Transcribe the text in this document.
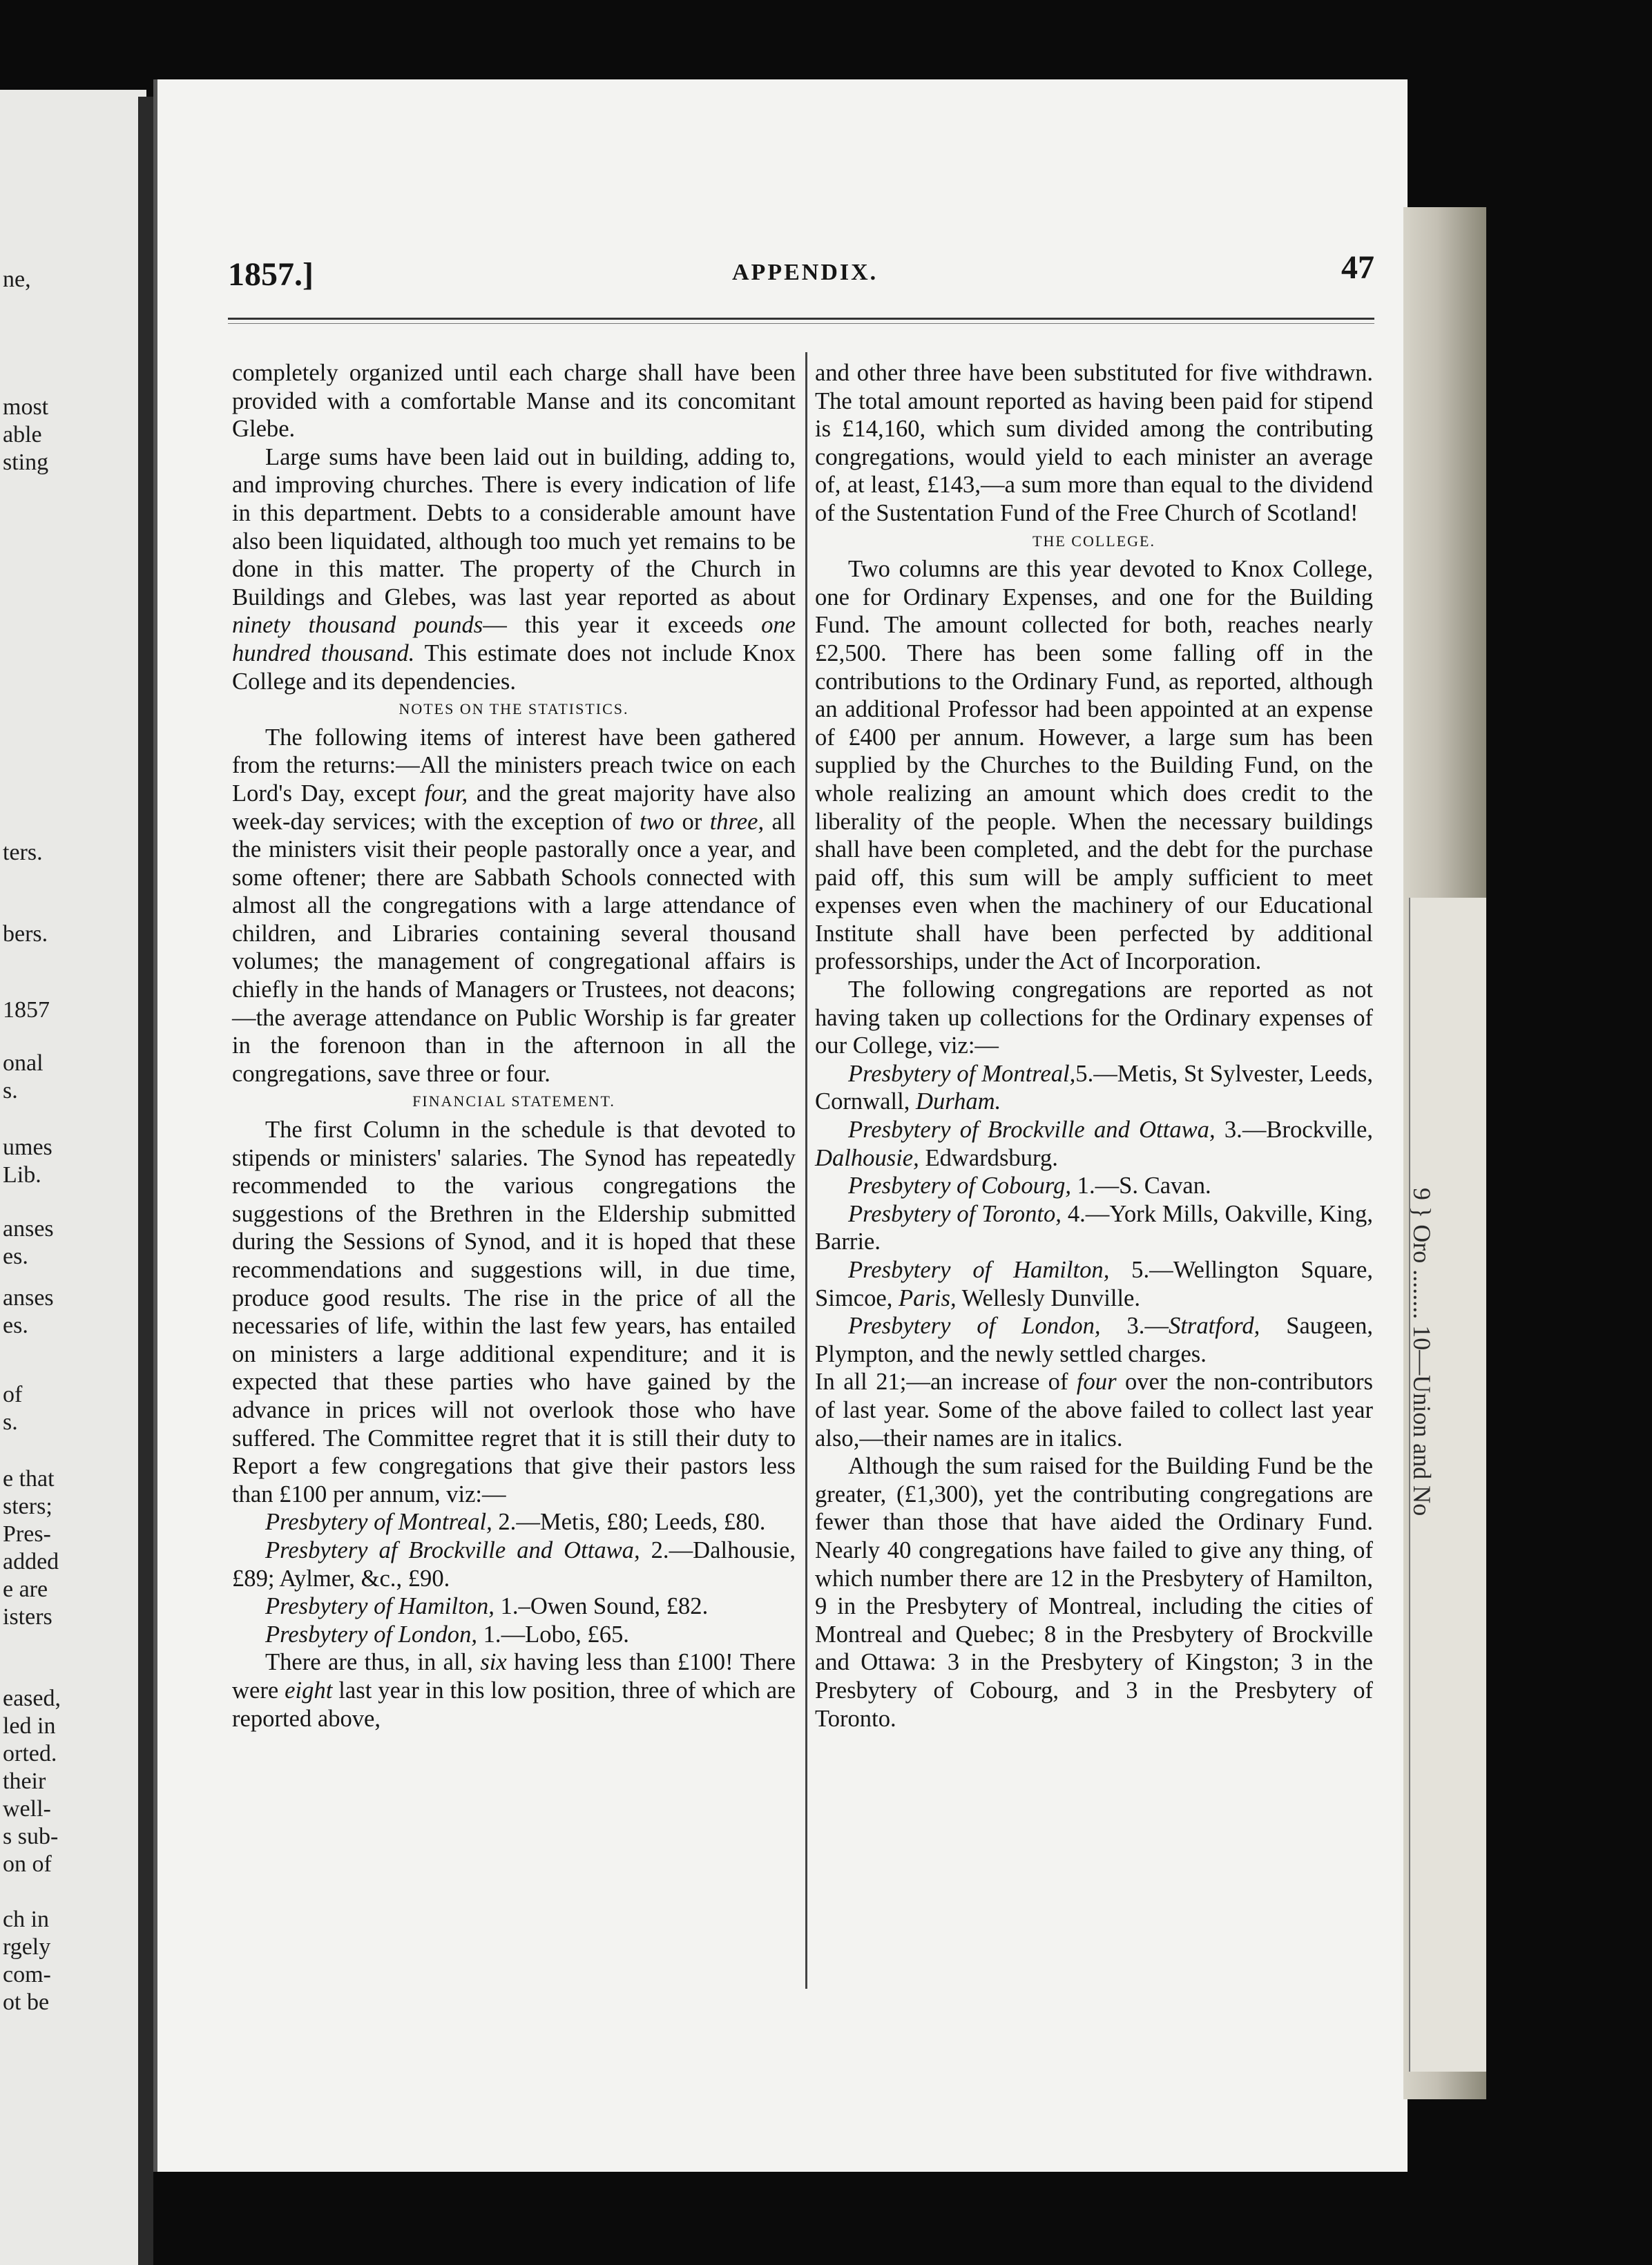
ne,
most
able
sting
ters.
bers.
1857
onal
s.
umes
Lib.
anses
es.
anses
es.
of
s.
e that
sters;
Pres-
added
e are
isters
eased,
led in
orted.
their
well-
s sub-
on of
ch in
rgely
com-
ot be
9 } Oro ........ 10—Union and No
1857.]	APPENDIX.	47

completely organized until each charge shall have been provided with a comfortable Manse and its concomitant Glebe.

Large sums have been laid out in building, adding to, and improving churches. There is every indication of life in this department. Debts to a considerable amount have also been liquidated, although too much yet remains to be done in this matter. The property of the Church in Buildings and Glebes, was last year reported as about ninety thousand pounds— this year it exceeds one hundred thousand. This estimate does not include Knox College and its dependencies.

NOTES ON THE STATISTICS.

The following items of interest have been gathered from the returns:—All the ministers preach twice on each Lord's Day, except four, and the great majority have also week-day services; with the exception of two or three, all the ministers visit their people pastorally once a year, and some oftener; there are Sabbath Schools connected with almost all the congregations with a large attendance of children, and Libraries containing several thousand volumes; the management of congregational affairs is chiefly in the hands of Managers or Trustees, not deacons;—the average attendance on Public Worship is far greater in the forenoon than in the afternoon in all the congregations, save three or four.

FINANCIAL STATEMENT.

The first Column in the schedule is that devoted to stipends or ministers' salaries. The Synod has repeatedly recommended to the various congregations the suggestions of the Brethren in the Eldership submitted during the Sessions of Synod, and it is hoped that these recommendations and suggestions will, in due time, produce good results. The rise in the price of all the necessaries of life, within the last few years, has entailed on ministers a large additional expenditure; and it is expected that these parties who have gained by the advance in prices will not overlook those who have suffered. The Committee regret that it is still their duty to Report a few congregations that give their pastors less than £100 per annum, viz:—

Presbytery of Montreal, 2.—Metis, £80; Leeds, £80.

Presbytery af Brockville and Ottawa, 2.—Dalhousie, £89; Aylmer, &c., £90.

Presbytery of Hamilton, 1.–Owen Sound, £82.

Presbytery of London, 1.—Lobo, £65.

There are thus, in all, six having less than £100! There were eight last year in this low position, three of which are reported above,

and other three have been substituted for five withdrawn. The total amount reported as having been paid for stipend is £14,160, which sum divided among the contributing congregations, would yield to each minister an average of, at least, £143,—a sum more than equal to the dividend of the Sustentation Fund of the Free Church of Scotland!

THE COLLEGE.

Two columns are this year devoted to Knox College, one for Ordinary Expenses, and one for the Building Fund. The amount collected for both, reaches nearly £2,500. There has been some falling off in the contributions to the Ordinary Fund, as reported, although an additional Professor had been appointed at an expense of £400 per annum. However, a large sum has been supplied by the Churches to the Building Fund, on the whole realizing an amount which does credit to the liberality of the people. When the necessary buildings shall have been completed, and the debt for the purchase paid off, this sum will be amply sufficient to meet expenses even when the machinery of our Educational Institute shall have been perfected by additional professorships, under the Act of Incorporation.

The following congregations are reported as not having taken up collections for the Ordinary expenses of our College, viz:—

Presbytery of Montreal,5.—Metis, St Sylvester, Leeds, Cornwall, Durham.

Presbytery of Brockville and Ottawa, 3.—Brockville, Dalhousie, Edwardsburg.

Presbytery of Cobourg, 1.—S. Cavan.

Presbytery of Toronto, 4.—York Mills, Oakville, King, Barrie.

Presbytery of Hamilton, 5.—Wellington Square, Simcoe, Paris, Wellesly Dunville.

Presbytery of London, 3.—Stratford, Saugeen, Plympton, and the newly settled charges.

In all 21;—an increase of four over the non-contributors of last year. Some of the above failed to collect last year also,—their names are in italics.

Although the sum raised for the Building Fund be the greater, (£1,300), yet the contributing congregations are fewer than those that have aided the Ordinary Fund. Nearly 40 congregations have failed to give any thing, of which number there are 12 in the Presbytery of Hamilton, 9 in the Presbytery of Montreal, including the cities of Montreal and Quebec; 8 in the Presbytery of Brockville and Ottawa: 3 in the Presbytery of Kingston; 3 in the Presbytery of Cobourg, and 3 in the Presbytery of Toronto.
